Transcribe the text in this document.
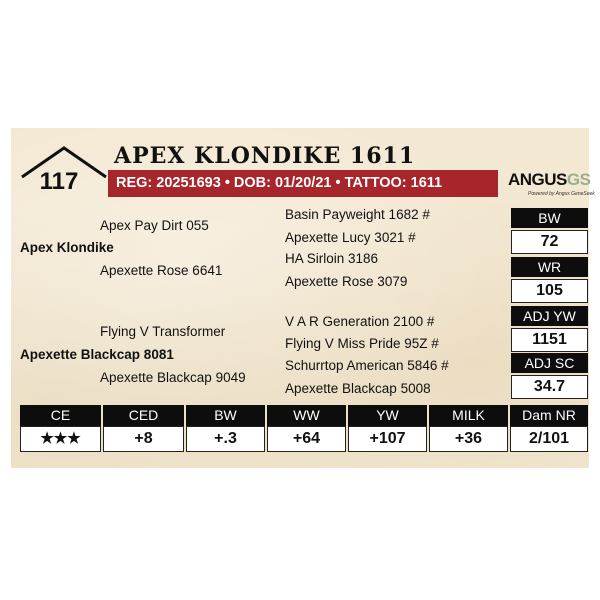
117
APEX KLONDIKE 1611
REG: 20251693 • DOB: 01/20/21 • TATTOO: 1611	ANGUSGS
Powered by Angus GeneSeek
Apex Pay Dirt 055
Apex Klondike
Apexette Rose 6641
Basin Payweight 1682 #
Apexette Lucy 3021 #
HA Sirloin 3186
Apexette Rose 3079
Flying V Transformer
Apexette Blackcap 8081
Apexette Blackcap 9049
V A R Generation 2100 #
Flying V Miss Pride 95Z #
Schurrtop American 5846 #
Apexette Blackcap 5008
BW
72
WR
105
ADJ YW
1151
ADJ SC
34.7
CE	CED	BW	WW	YW	MILK	Dam NR
★★★	+8	+.3	+64	+107	+36	2/101
